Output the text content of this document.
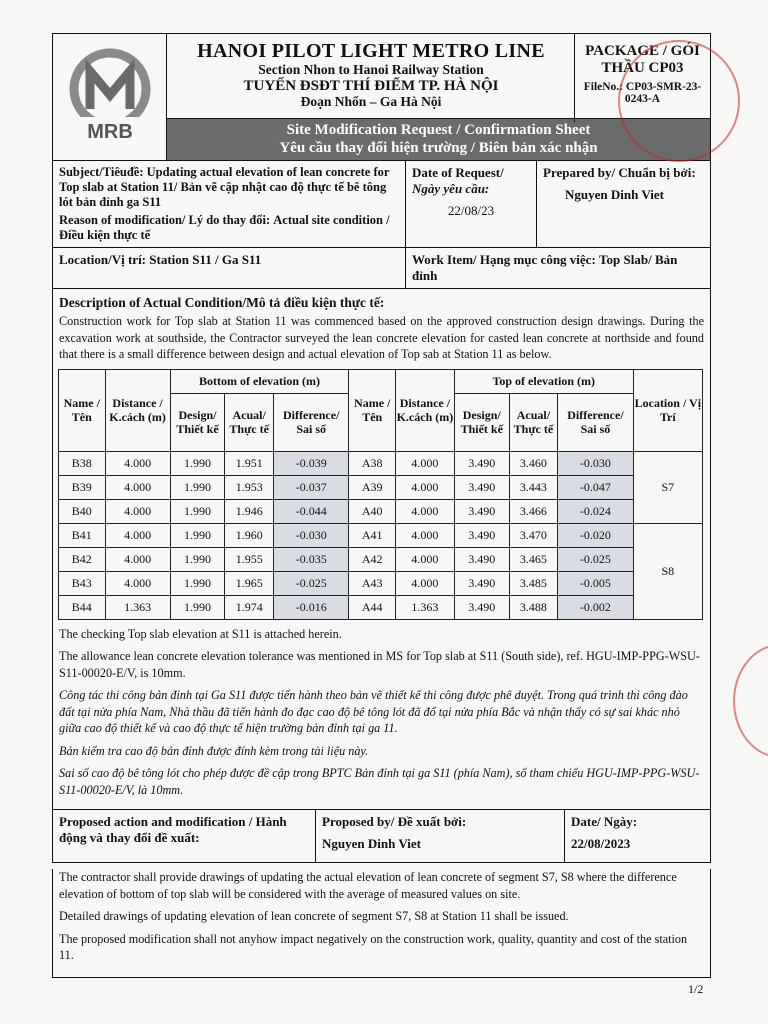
MRB
HANOI PILOT LIGHT METRO LINE
Section Nhon to Hanoi Railway Station
TUYẾN ĐSĐT THÍ ĐIỂM TP. HÀ NỘI
Đoạn Nhổn – Ga Hà Nội
PACKAGE / GÓI
THẦU CP03
FileNo.: CP03-SMR-23-0243-A
Site Modification Request / Confirmation Sheet
Yêu cầu thay đổi hiện trường / Biên bản xác nhận
Subject/Tiêuđề: Updating actual elevation of lean concrete for Top slab at Station 11/ Bản vẽ cập nhật cao độ thực tế bê tông lót bản đỉnh ga S11
Reason of modification/ Lý do thay đổi: Actual site condition / Điều kiện thực tế
Date of Request/
Ngày yêu cầu:
22/08/23
Prepared by/ Chuẩn bị bởi:
Nguyen Dinh Viet
Location/Vị trí: Station S11 / Ga S11	Work Item/ Hạng mục công việc: Top Slab/ Bản đỉnh
Description of Actual Condition/Mô tả điều kiện thực tế:
Construction work for Top slab at Station 11 was commenced based on the approved construction design drawings. During the excavation work at southside, the Contractor surveyed the lean concrete elevation for casted lean concrete at northside and found that there is a small difference between design and actual elevation of Top sab at Station 11 as below.
Name / Tên	Distance / K.cách (m)	Bottom of elevation (m)			Name / Tên	Distance / K.cách (m)	Top of elevation (m)			Location / Vị Trí
		Design/ Thiết kế	Acual/ Thực tế	Difference/ Sai số			Design/ Thiết kế	Acual/ Thực tế	Difference/ Sai số	
B38	4.000	1.990	1.951	-0.039	A38	4.000	3.490	3.460	-0.030	S7
B39	4.000	1.990	1.953	-0.037	A39	4.000	3.490	3.443	-0.047	
B40	4.000	1.990	1.946	-0.044	A40	4.000	3.490	3.466	-0.024	
B41	4.000	1.990	1.960	-0.030	A41	4.000	3.490	3.470	-0.020	S8
B42	4.000	1.990	1.955	-0.035	A42	4.000	3.490	3.465	-0.025	
B43	4.000	1.990	1.965	-0.025	A43	4.000	3.490	3.485	-0.005	
B44	1.363	1.990	1.974	-0.016	A44	1.363	3.490	3.488	-0.002	

The checking Top slab elevation at S11 is attached herein.

The allowance lean concrete elevation tolerance was mentioned in MS for Top slab at S11 (South side), ref. HGU-IMP-PPG-WSU-S11-00020-E/V, is 10mm.

Công tác thi công bản đỉnh tại Ga S11 được tiến hành theo bản vẽ thiết kế thi công được phê duyệt. Trong quá trình thi công đào đất tại nửa phía Nam, Nhà thầu đã tiến hành đo đạc cao độ bê tông lót đã đổ tại nửa phía Bắc và nhận thấy có sự sai khác nhỏ giữa cao độ thiết kế và cao độ thực tế hiện trường bản đỉnh tại ga 11.

Bản kiểm tra cao độ bản đỉnh được đính kèm trong tài liệu này.

Sai số cao độ bê tông lót cho phép được đề cập trong BPTC Bản đỉnh tại ga S11 (phía Nam), số tham chiếu HGU-IMP-PPG-WSU-S11-00020-E/V, là 10mm.

Proposed action and modification / Hành động và thay đổi đề xuất:
Proposed by/ Đề xuất bởi:
Nguyen Dinh Viet
Date/ Ngày:
22/08/2023

The contractor shall provide drawings of updating the actual elevation of lean concrete of segment S7, S8 where the difference elevation of bottom of top slab will be considered with the average of measured values on site.

Detailed drawings of updating elevation of lean concrete of segment S7, S8 at Station 11 shall be issued.

The proposed modification shall not anyhow impact negatively on the construction work, quality, quantity and cost of the station 11.

1/2
